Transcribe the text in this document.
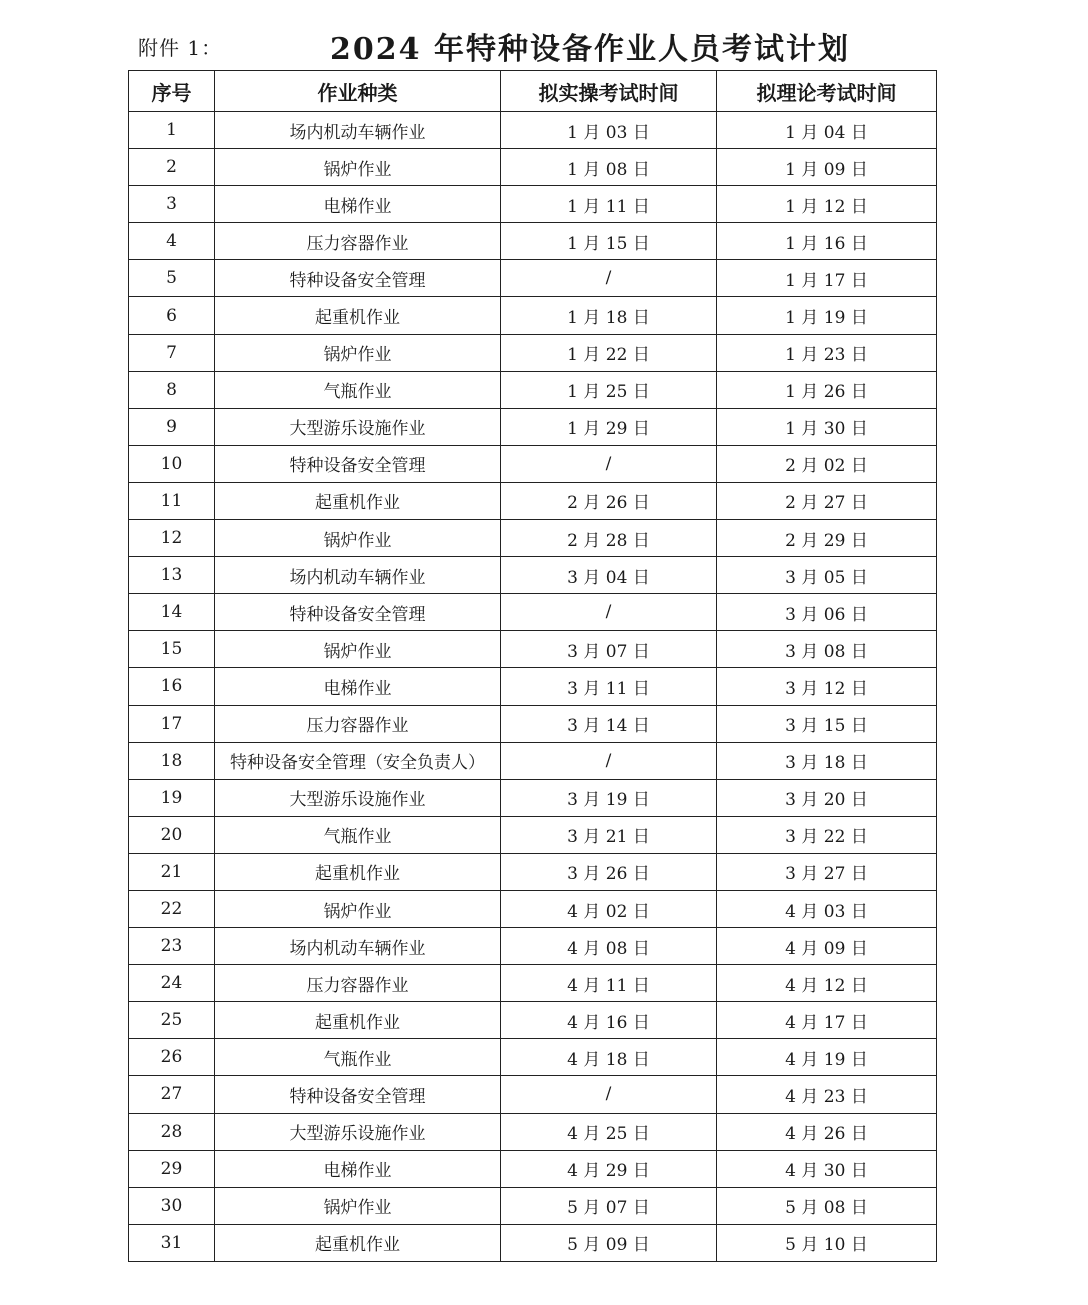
附件 1：	2024 年特种设备作业人员考试计划
序号	作业种类	拟实操考试时间	拟理论考试时间
1	场内机动车辆作业	1 月 03 日	1 月 04 日
2	锅炉作业	1 月 08 日	1 月 09 日
3	电梯作业	1 月 11 日	1 月 12 日
4	压力容器作业	1 月 15 日	1 月 16 日
5	特种设备安全管理	/	1 月 17 日
6	起重机作业	1 月 18 日	1 月 19 日
7	锅炉作业	1 月 22 日	1 月 23 日
8	气瓶作业	1 月 25 日	1 月 26 日
9	大型游乐设施作业	1 月 29 日	1 月 30 日
10	特种设备安全管理	/	2 月 02 日
11	起重机作业	2 月 26 日	2 月 27 日
12	锅炉作业	2 月 28 日	2 月 29 日
13	场内机动车辆作业	3 月 04 日	3 月 05 日
14	特种设备安全管理	/	3 月 06 日
15	锅炉作业	3 月 07 日	3 月 08 日
16	电梯作业	3 月 11 日	3 月 12 日
17	压力容器作业	3 月 14 日	3 月 15 日
18	特种设备安全管理（安全负责人）	/	3 月 18 日
19	大型游乐设施作业	3 月 19 日	3 月 20 日
20	气瓶作业	3 月 21 日	3 月 22 日
21	起重机作业	3 月 26 日	3 月 27 日
22	锅炉作业	4 月 02 日	4 月 03 日
23	场内机动车辆作业	4 月 08 日	4 月 09 日
24	压力容器作业	4 月 11 日	4 月 12 日
25	起重机作业	4 月 16 日	4 月 17 日
26	气瓶作业	4 月 18 日	4 月 19 日
27	特种设备安全管理	/	4 月 23 日
28	大型游乐设施作业	4 月 25 日	4 月 26 日
29	电梯作业	4 月 29 日	4 月 30 日
30	锅炉作业	5 月 07 日	5 月 08 日
31	起重机作业	5 月 09 日	5 月 10 日
